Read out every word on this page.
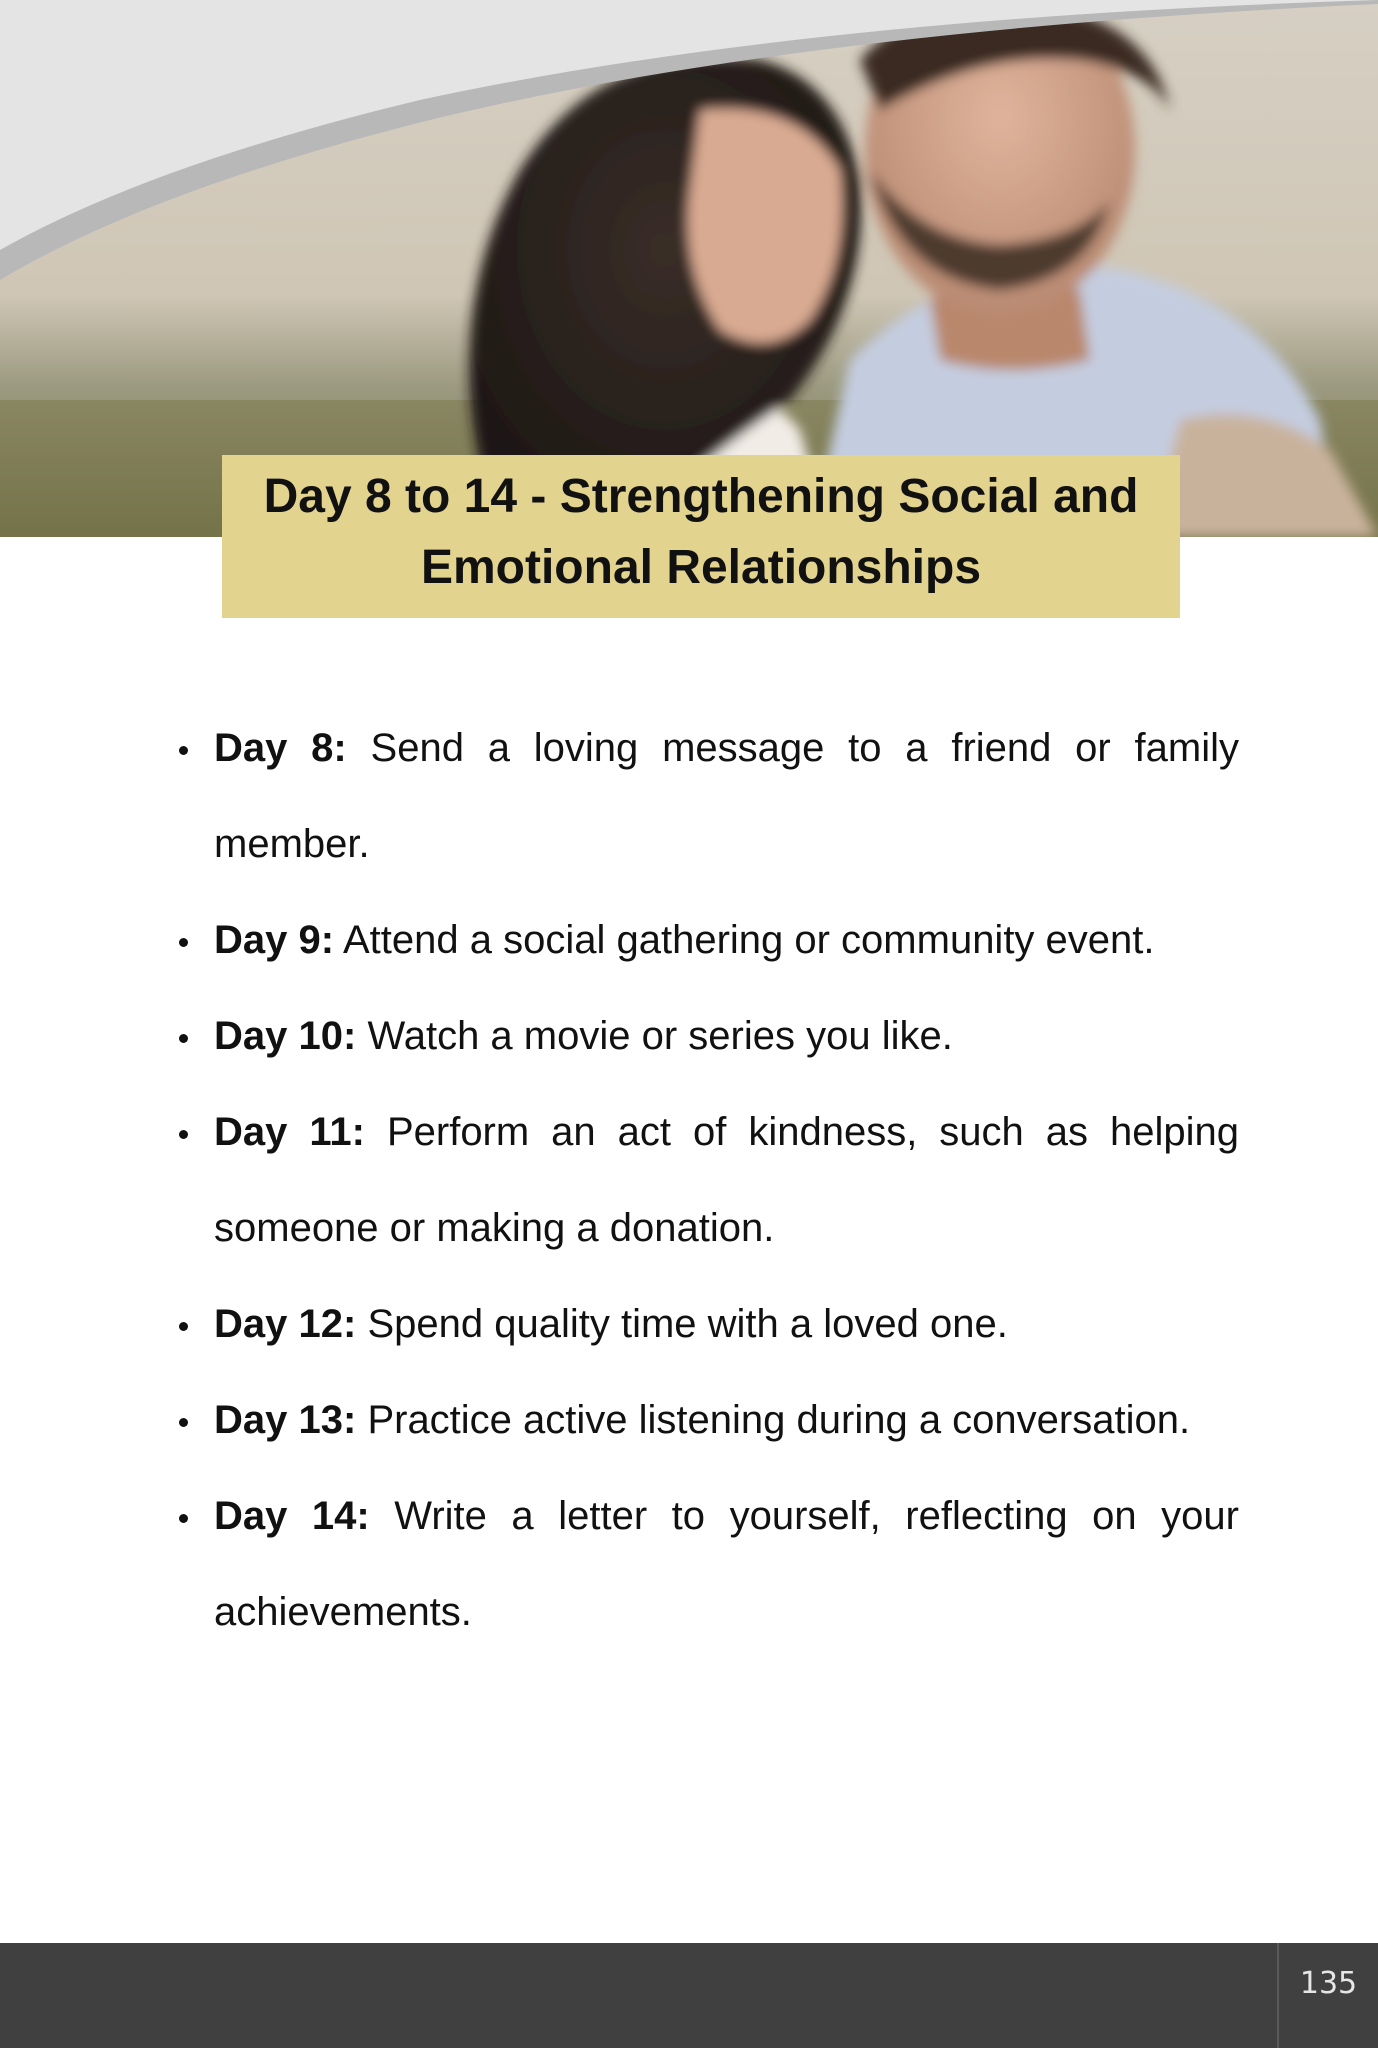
Day 8 to 14 - Strengthening Social and
Emotional Relationships
Day 8: Send a loving message to a friend or family member.
Day 9: Attend a social gathering or community event.
Day 10: Watch a movie or series you like.
Day 11: Perform an act of kindness, such as helping someone or making a donation.
Day 12: Spend quality time with a loved one.
Day 13: Practice active listening during a conversation.
Day 14: Write a letter to yourself, reflecting on your achievements.
135
